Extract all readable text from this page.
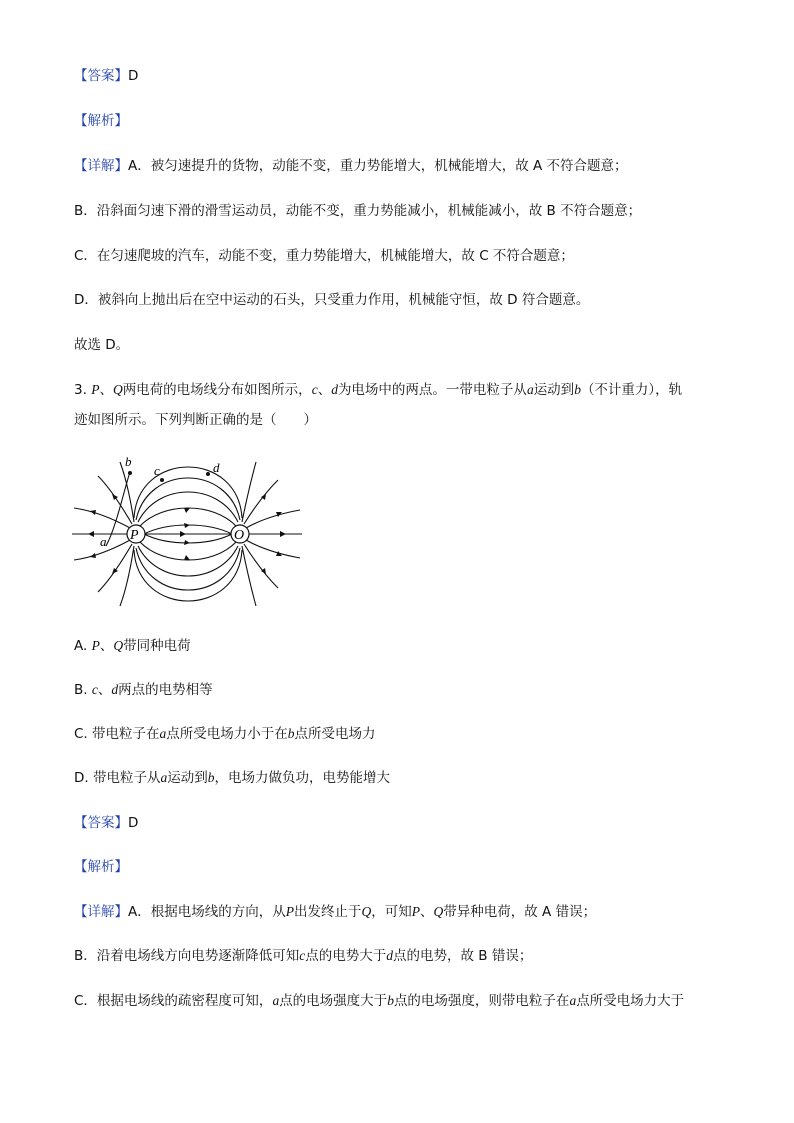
【答案】D
【解析】
【详解】A．被匀速提升的货物，动能不变，重力势能增大，机械能增大，故 A 不符合题意；
B．沿斜面匀速下滑的滑雪运动员，动能不变，重力势能减小，机械能减小，故 B 不符合题意；
C．在匀速爬坡的汽车，动能不变，重力势能增大，机械能增大，故 C 不符合题意；
D．被斜向上抛出后在空中运动的石头，只受重力作用，机械能守恒，故 D 符合题意。
故选 D。
3. P、Q两电荷的电场线分布如图所示，c、d为电场中的两点。一带电粒子从a运动到b（不计重力），轨
迹如图所示。下列判断正确的是（　　）
P	O
a
b
c	d
A. P、Q带同种电荷
B. c、d两点的电势相等
C. 带电粒子在a点所受电场力小于在b点所受电场力
D. 带电粒子从a运动到b，电场力做负功，电势能增大
【答案】D
【解析】
【详解】A．根据电场线的方向，从P出发终止于Q，可知P、Q带异种电荷，故 A 错误；
B．沿着电场线方向电势逐渐降低可知c点的电势大于d点的电势，故 B 错误；
C．根据电场线的疏密程度可知，a点的电场强度大于b点的电场强度，则带电粒子在a点所受电场力大于
